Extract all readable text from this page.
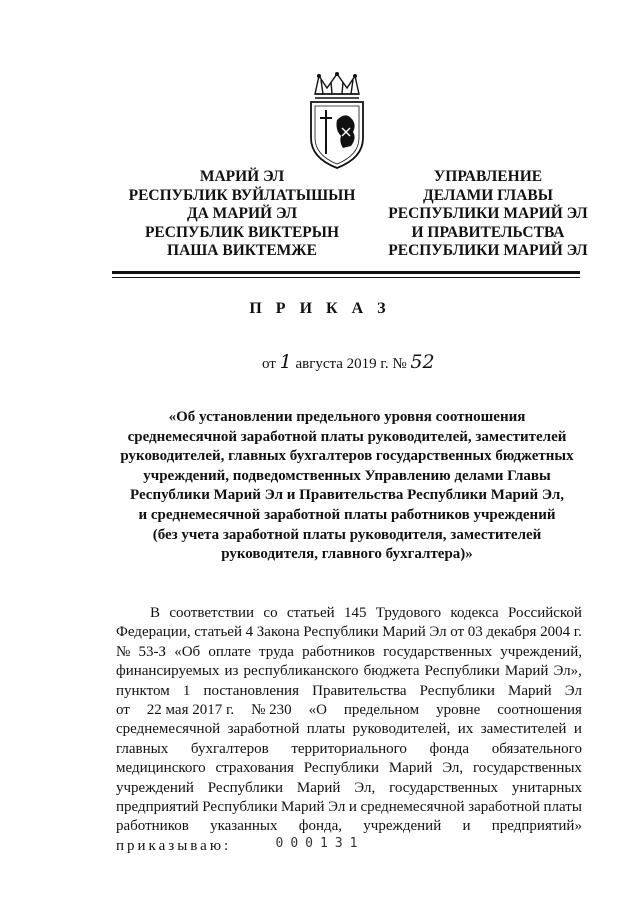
МАРИЙ ЭЛ
РЕСПУБЛИК ВУЙЛАТЫШЫН
ДА МАРИЙ ЭЛ
РЕСПУБЛИК ВИКТЕРЫН
ПАША ВИКТЕМЖЕ
УПРАВЛЕНИЕ
ДЕЛАМИ ГЛАВЫ
РЕСПУБЛИКИ МАРИЙ ЭЛ
И ПРАВИТЕЛЬСТВА
РЕСПУБЛИКИ МАРИЙ ЭЛ
П Р И К А З
от 1 августа 2019 г. № 52
«Об установлении предельного уровня соотношения
среднемесячной заработной платы руководителей, заместителей
руководителей, главных бухгалтеров государственных бюджетных
учреждений, подведомственных Управлению делами Главы
Республики Марий Эл и Правительства Республики Марий Эл,
и среднемесячной заработной платы работников учреждений
(без учета заработной платы руководителя, заместителей
руководителя, главного бухгалтера)»
В соответствии со статьей 145 Трудового кодекса Российской
Федерации, статьей 4 Закона Республики Марий Эл от 03 декабря 2004 г.
№ 53-З «Об оплате труда работников государственных учреждений,
финансируемых из республиканского бюджета Республики Марий Эл»,
пунктом 1 постановления Правительства Республики Марий Эл
от 22 мая 2017 г. № 230 «О предельном уровне соотношения
среднемесячной заработной платы руководителей, их заместителей и
главных бухгалтеров территориального фонда обязательного
медицинского страхования Республики Марий Эл, государственных
учреждений Республики Марий Эл, государственных унитарных
предприятий Республики Марий Эл и среднемесячной заработной платы
работников указанных фонда, учреждений и предприятий»
приказываю:	000131
